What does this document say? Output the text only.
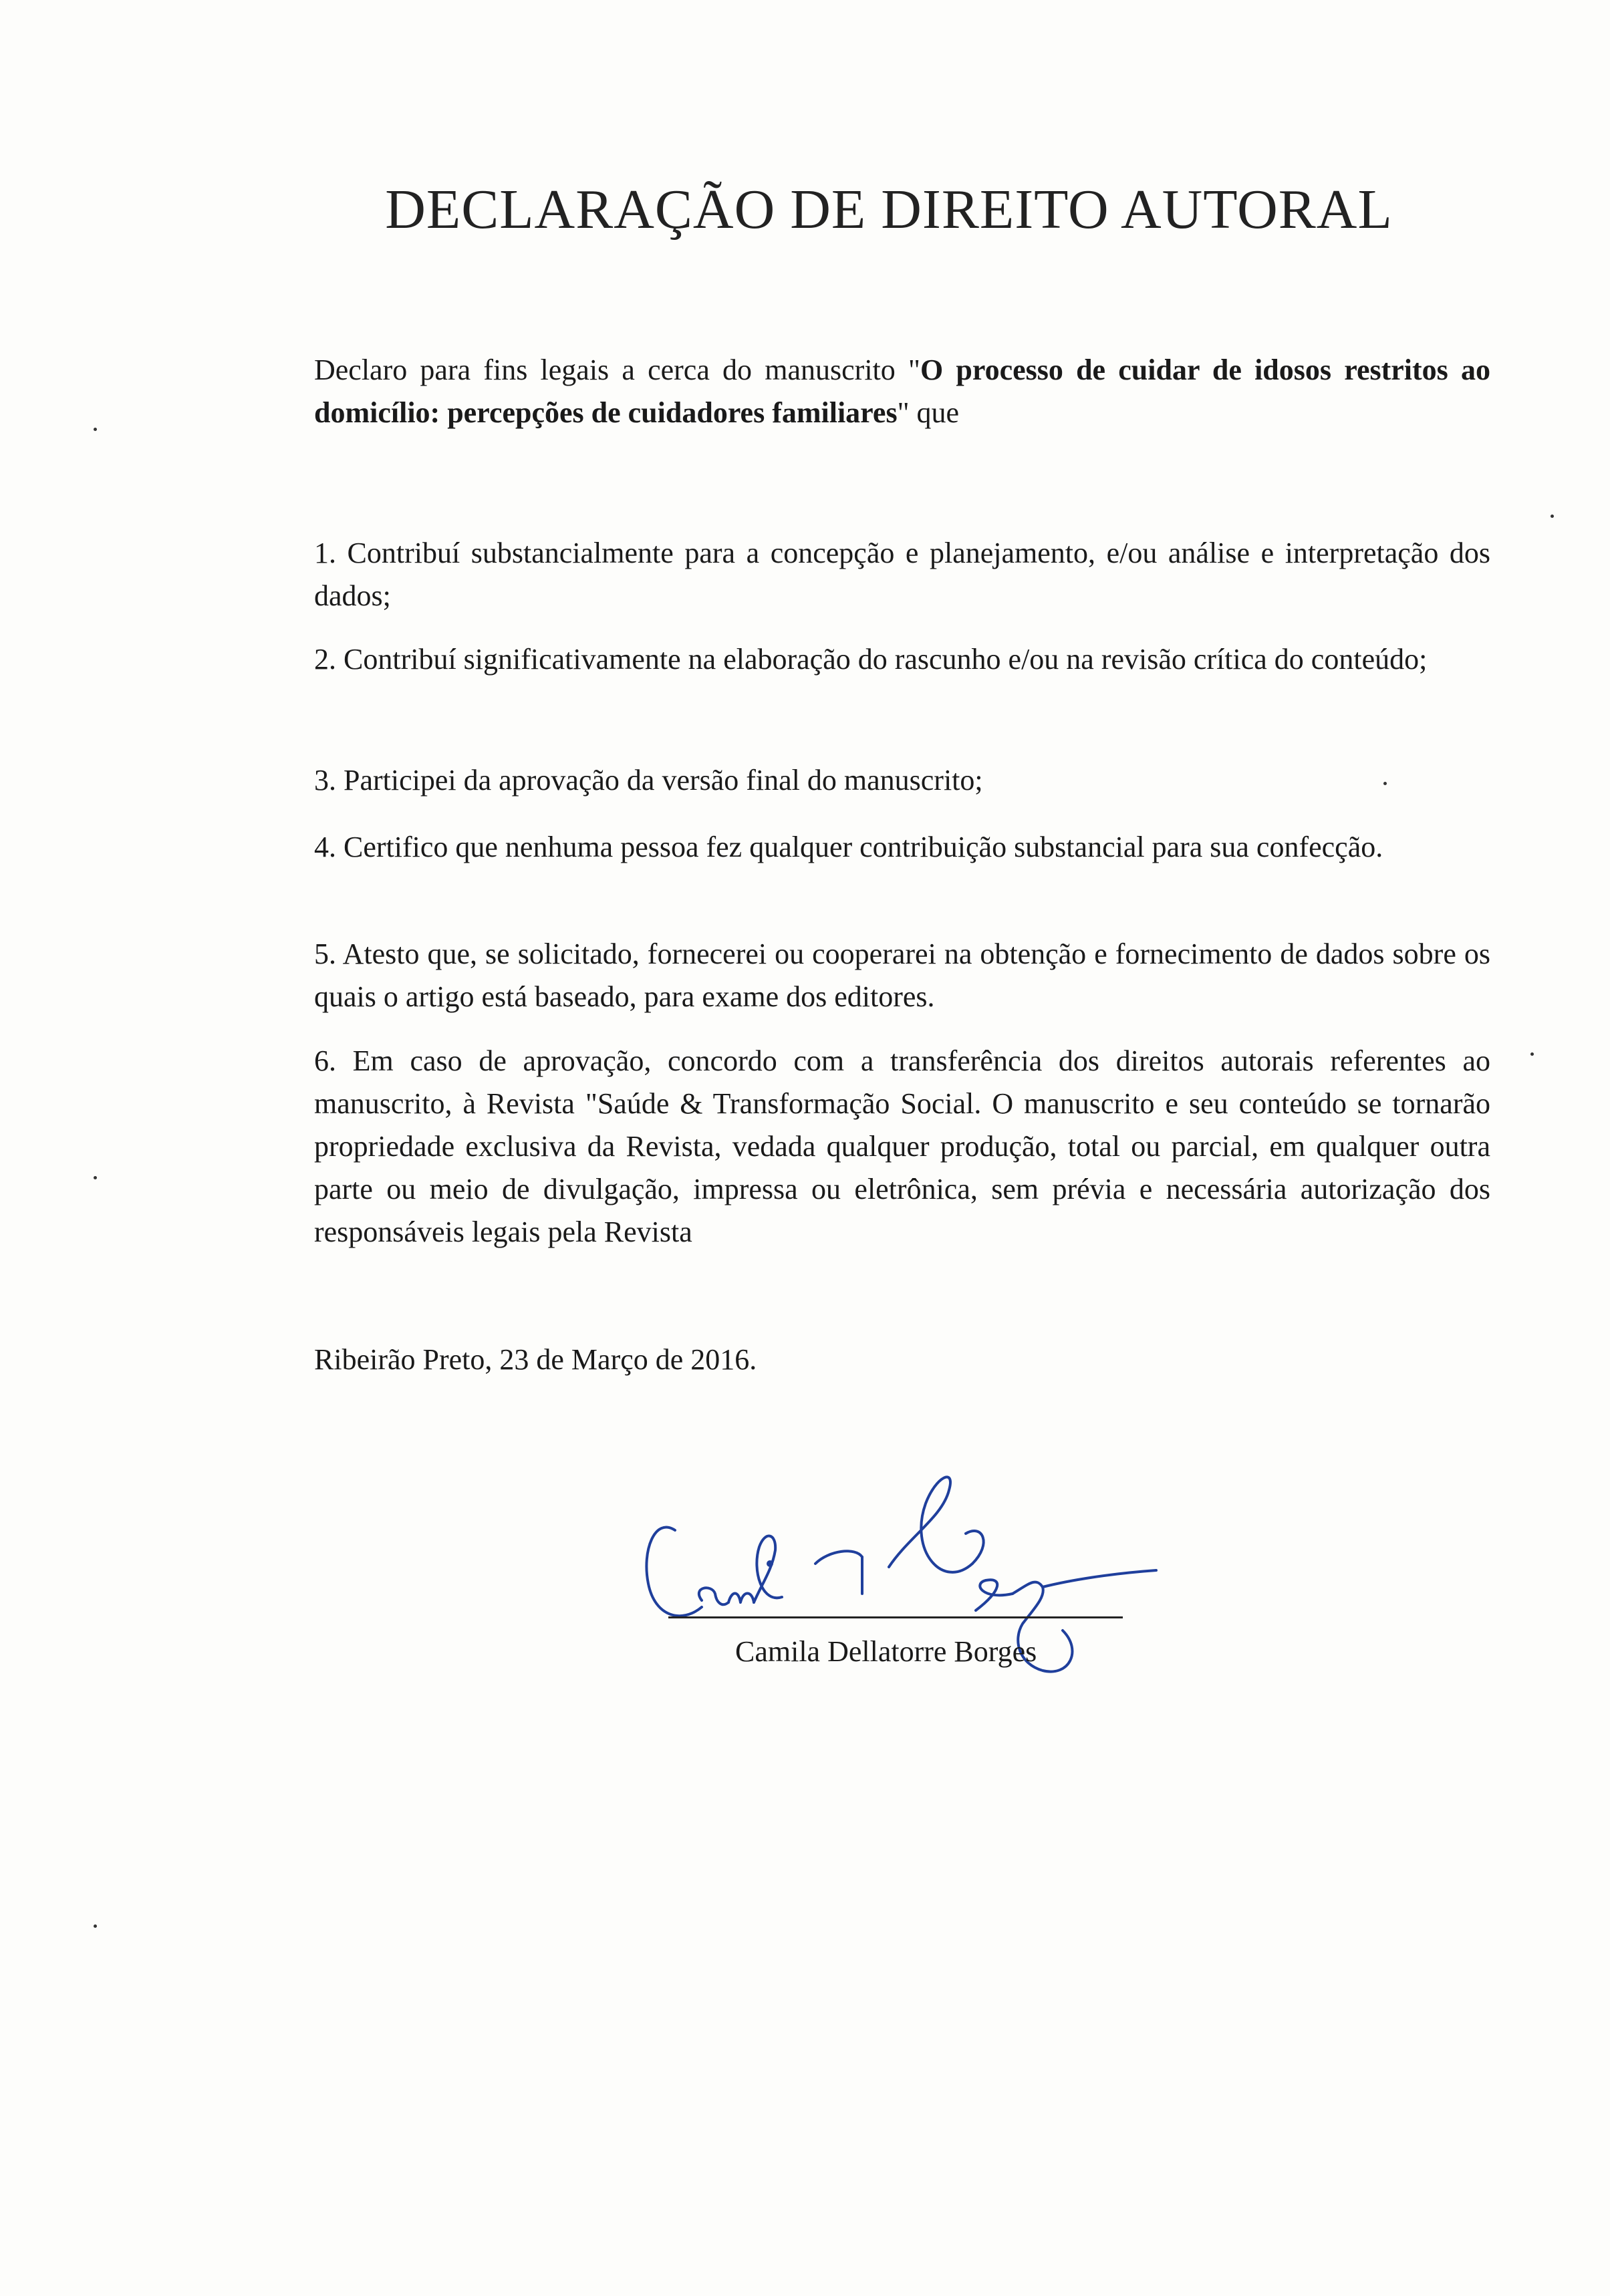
DECLARAÇÃO DE DIREITO AUTORAL

Declaro para fins legais a cerca do manuscrito "O processo de cuidar de idosos restritos ao domicílio: percepções de cuidadores familiares" que

1. Contribuí substancialmente para a concepção e planejamento, e/ou análise e interpretação dos dados;

2. Contribuí significativamente na elaboração do rascunho e/ou na revisão crítica do conteúdo;

3. Participei da aprovação da versão final do manuscrito;

4. Certifico que nenhuma pessoa fez qualquer contribuição substancial para sua confecção.

5. Atesto que, se solicitado, fornecerei ou cooperarei na obtenção e fornecimento de dados sobre os quais o artigo está baseado, para exame dos editores.

6. Em caso de aprovação, concordo com a transferência dos direitos autorais referentes ao manuscrito, à Revista "Saúde & Transformação Social. O manuscrito e seu conteúdo se tornarão propriedade exclusiva da Revista, vedada qualquer produção, total ou parcial, em qualquer outra parte ou meio de divulgação, impressa ou eletrônica, sem prévia e necessária autorização dos responsáveis legais pela Revista

Ribeirão Preto, 23 de Março de 2016.
Camila Dellatorre Borges
